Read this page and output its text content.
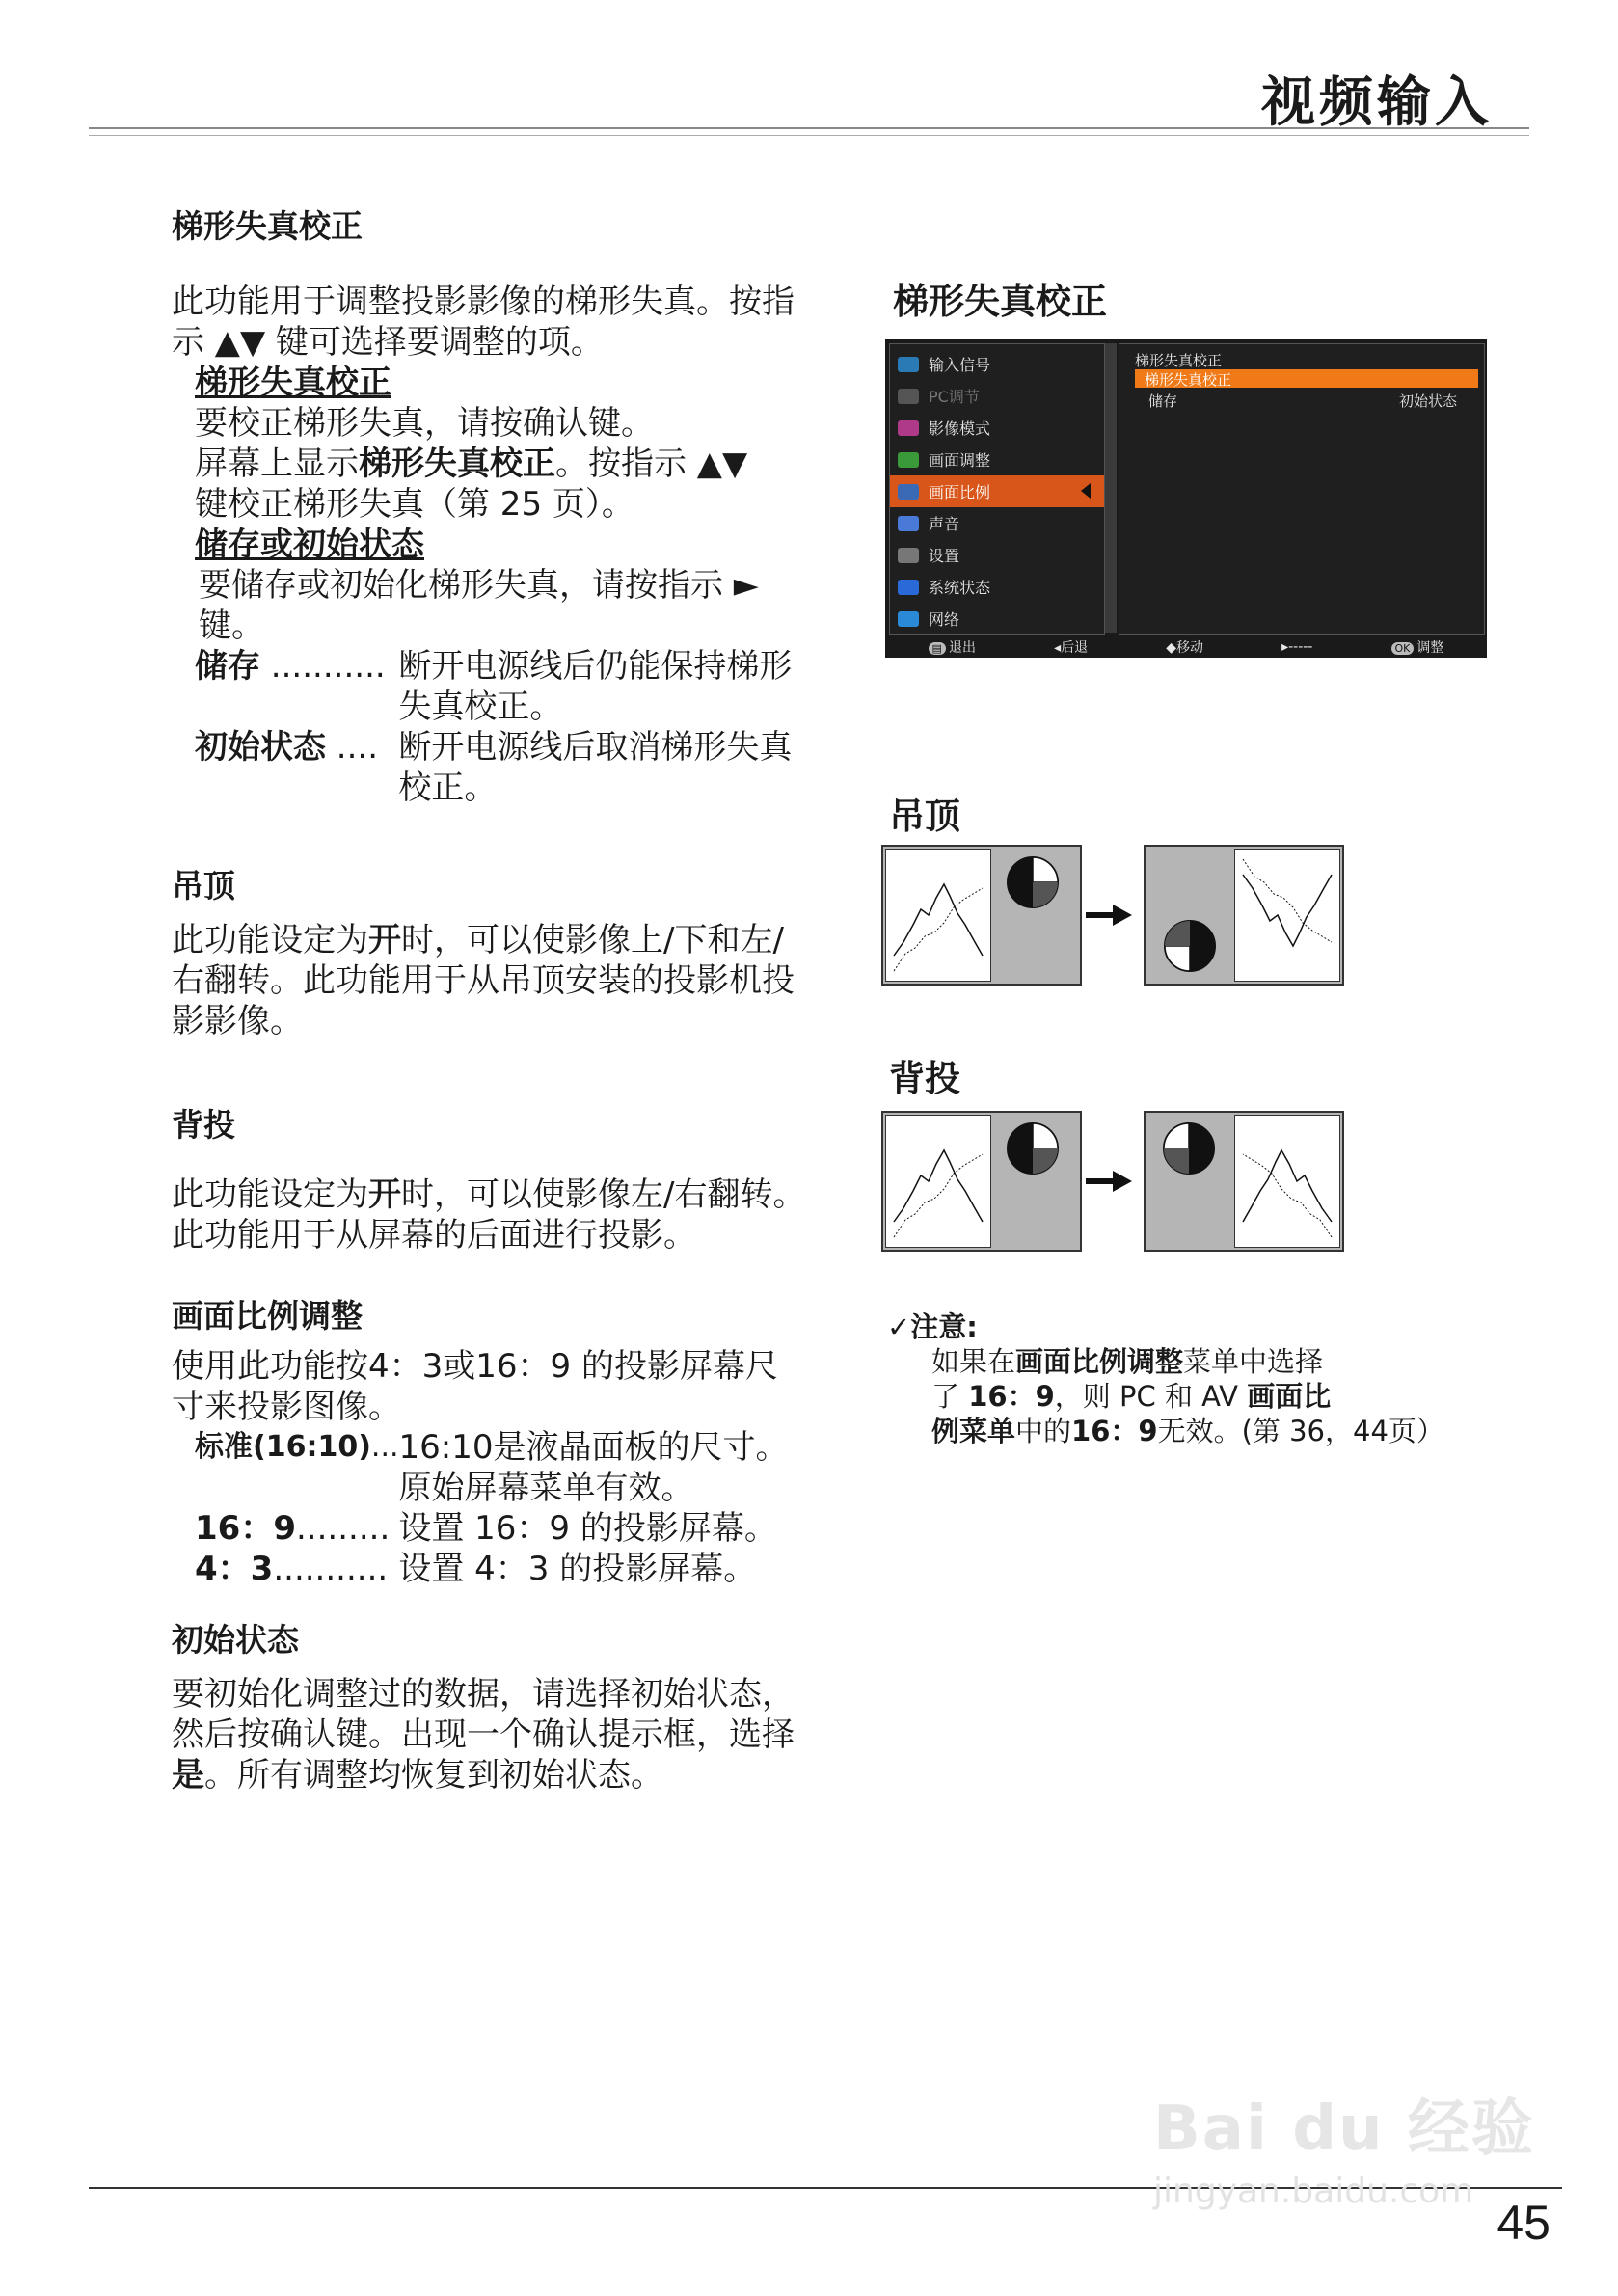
视频输入
梯形失真校正

此功能用于调整投影影像的梯形失真。按指示 ▲▼ 键可选择要调整的项。

梯形失真校正

要校正梯形失真，请按确认键。

屏幕上显示梯形失真校正。按指示 ▲▼

键校正梯形失真（第 25 页）。

储存或初始状态

要储存或初始化梯形失真，请按指示 ►

键。

储存 ........... 断开电源线后仍能保持梯形失真校正。
初始状态 .... 断开电源线后取消梯形失真校正。
吊顶

此功能设定为开时，可以使影像上/下和左/右翻转。此功能用于从吊顶安装的投影机投影影像。

背投

此功能设定为开时，可以使影像左/右翻转。此功能用于从屏幕的后面进行投影。

画面比例调整

使用此功能按4：3或16：9 的投影屏幕尺寸来投影图像。

标准(16:10)... 16:10是液晶面板的尺寸。原始屏幕菜单有效。
16：9......... 设置 16：9 的投影屏幕。
4：3........... 设置 4：3 的投影屏幕。
初始状态

要初始化调整过的数据，请选择初始状态，然后按确认键。出现一个确认提示框，选择是。所有调整均恢复到初始状态。

梯形失真校正
吊顶
背投
输入信号
PC调节
影像模式
画面调整
画面比例
声音
设置
系统状态
网络
梯形失真校正
梯形失真校正
储存	初始状态
▤ 退出	◂后退	◆移动	▸-----	OK 调整
✓注意:
如果在画面比例调整菜单中选择
了 16：9，则 PC 和 AV 画面比
例菜单中的16：9无效。(第 36，44页）
45
Bai du 经验
jingyan.baidu.com
